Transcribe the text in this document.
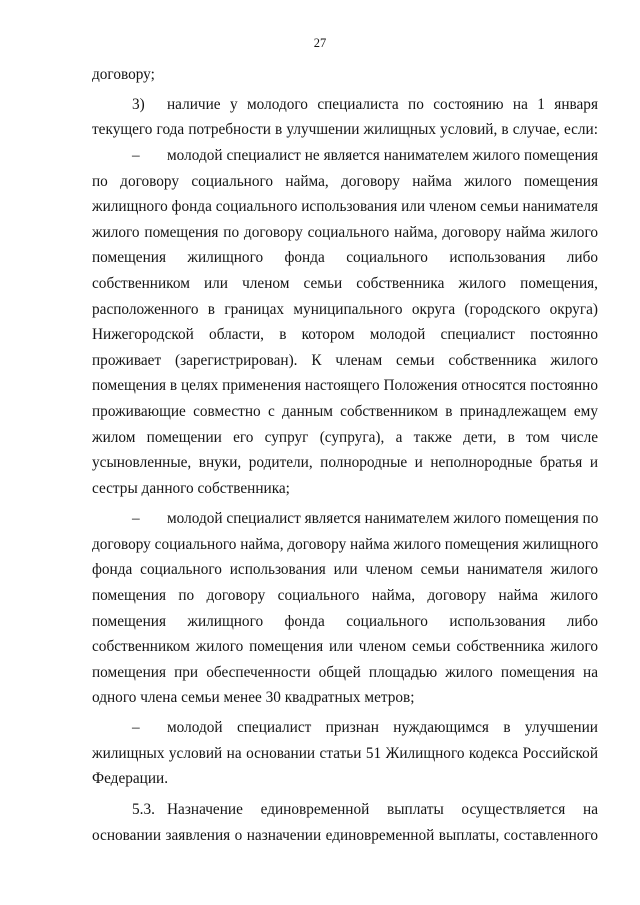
27
договору;
3) наличие у молодого специалиста по состоянию на 1 января
текущего года потребности в улучшении жилищных условий, в случае, если:
– молодой специалист не является нанимателем жилого помещения
по договору социального найма, договору найма жилого помещения
жилищного фонда социального использования или членом семьи нанимателя
жилого помещения по договору социального найма, договору найма жилого
помещения жилищного фонда социального использования либо
собственником или членом семьи собственника жилого помещения,
расположенного в границах муниципального округа (городского округа)
Нижегородской области, в котором молодой специалист постоянно
проживает (зарегистрирован). К членам семьи собственника жилого
помещения в целях применения настоящего Положения относятся постоянно
проживающие совместно с данным собственником в принадлежащем ему
жилом помещении его супруг (супруга), а также дети, в том числе
усыновленные, внуки, родители, полнородные и неполнородные братья и
сестры данного собственника;
– молодой специалист является нанимателем жилого помещения по
договору социального найма, договору найма жилого помещения жилищного
фонда социального использования или членом семьи нанимателя жилого
помещения по договору социального найма, договору найма жилого
помещения жилищного фонда социального использования либо
собственником жилого помещения или членом семьи собственника жилого
помещения при обеспеченности общей площадью жилого помещения на
одного члена семьи менее 30 квадратных метров;
– молодой специалист признан нуждающимся в улучшении
жилищных условий на основании статьи 51 Жилищного кодекса Российской
Федерации.
5.3. Назначение единовременной выплаты осуществляется на
основании заявления о назначении единовременной выплаты, составленного
